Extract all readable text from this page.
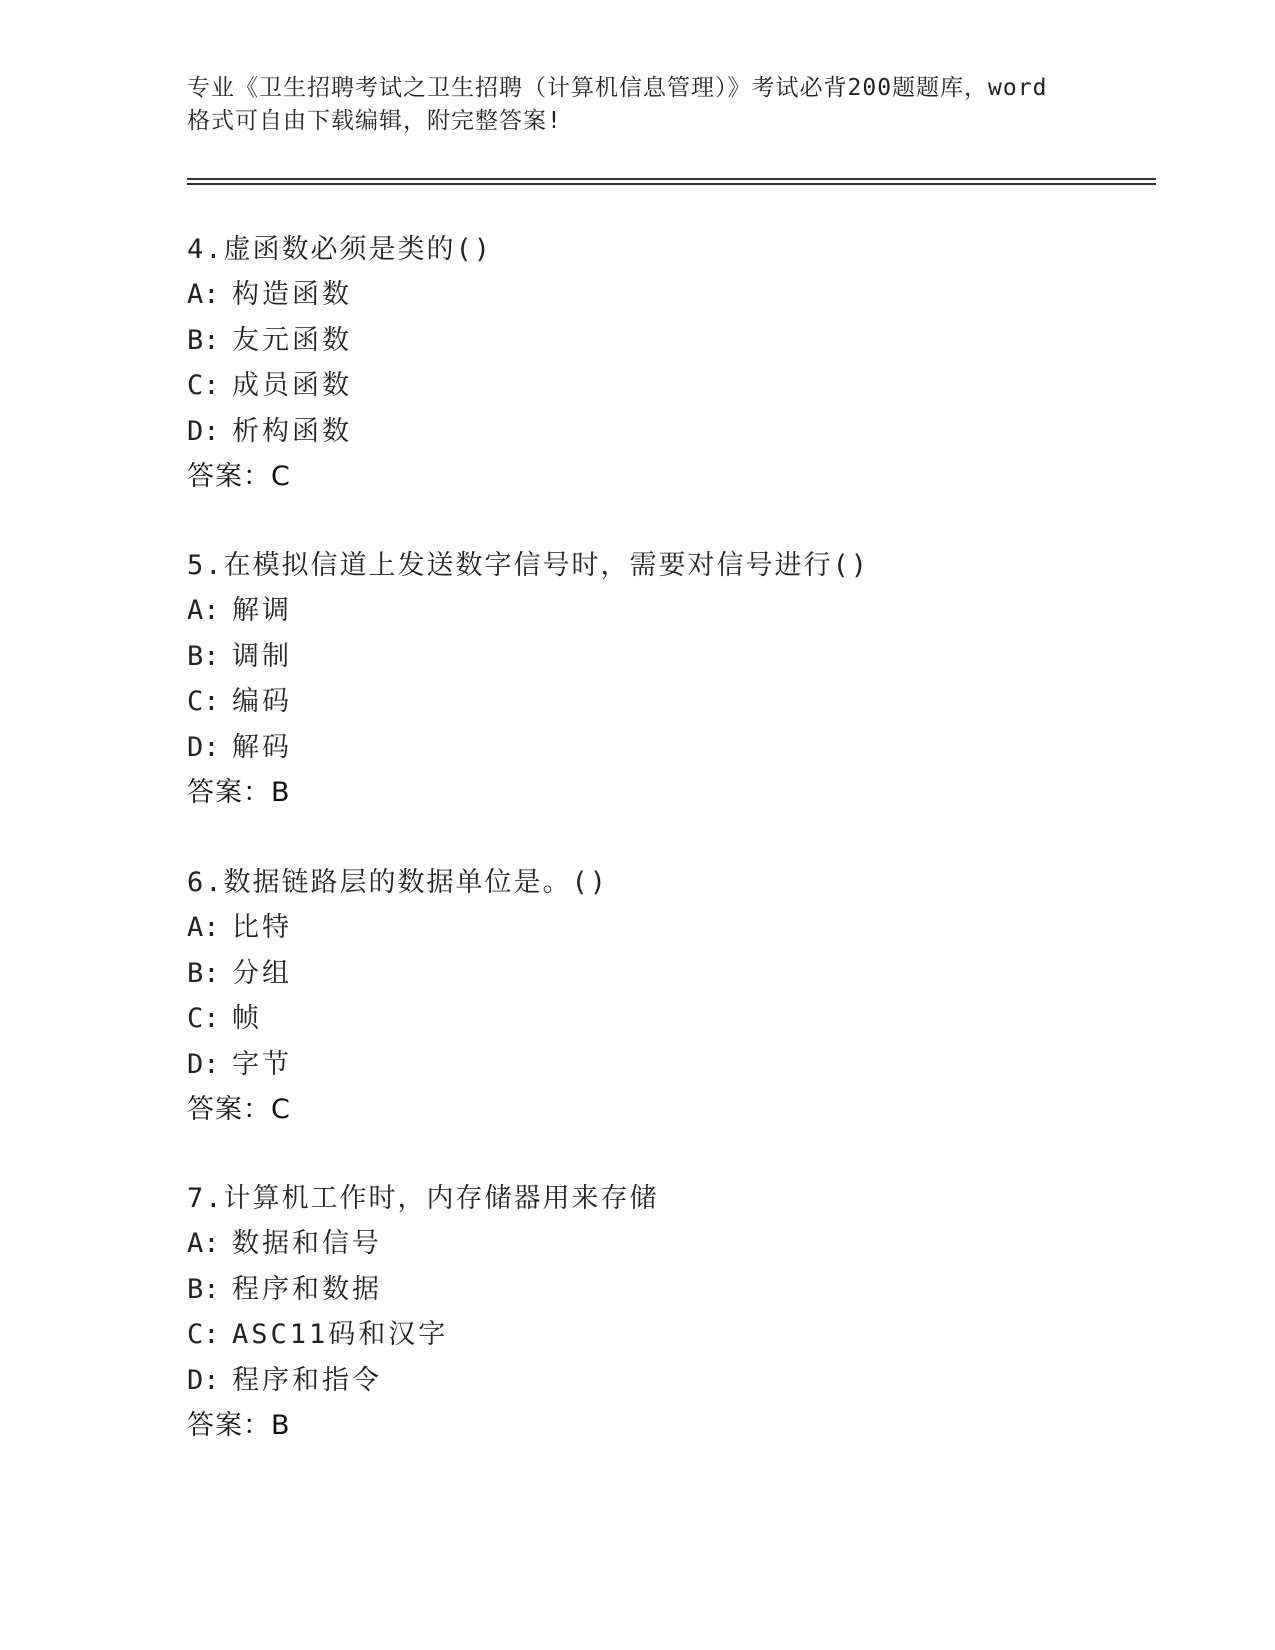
专业《卫生招聘考试之卫生招聘（计算机信息管理）》考试必背200题题库，word
格式可自由下载编辑，附完整答案!
4.虚函数必须是类的()
A: 构造函数
B: 友元函数
C: 成员函数
D: 析构函数
答案：C
5.在模拟信道上发送数字信号时，需要对信号进行()
A: 解调
B: 调制
C: 编码
D: 解码
答案：B
6.数据链路层的数据单位是。()
A: 比特
B: 分组
C: 帧
D: 字节
答案：C
7.计算机工作时，内存储器用来存储
A: 数据和信号
B: 程序和数据
C: ASC11码和汉字
D: 程序和指令
答案：B
